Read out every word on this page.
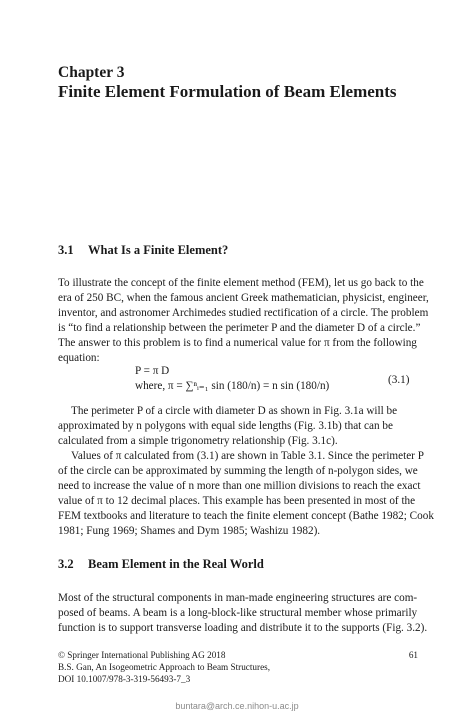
Chapter 3
Finite Element Formulation of Beam Elements
3.1 What Is a Finite Element?
To illustrate the concept of the finite element method (FEM), let us go back to the
era of 250 BC, when the famous ancient Greek mathematician, physicist, engineer,
inventor, and astronomer Archimedes studied rectification of a circle. The problem
is “to find a relationship between the perimeter P and the diameter D of a circle.”
The answer to this problem is to find a numerical value for π from the following
equation:
P = π D
where, π = ∑ⁿᵢ₌₁ sin (180/n) = n sin (180/n)	(3.1)
The perimeter P of a circle with diameter D as shown in Fig. 3.1a will be
approximated by n polygons with equal side lengths (Fig. 3.1b) that can be
calculated from a simple trigonometry relationship (Fig. 3.1c).
Values of π calculated from (3.1) are shown in Table 3.1. Since the perimeter P
of the circle can be approximated by summing the length of n-polygon sides, we
need to increase the value of n more than one million divisions to reach the exact
value of π to 12 decimal places. This example has been presented in most of the
FEM textbooks and literature to teach the finite element concept (Bathe 1982; Cook
1981; Fung 1969; Shames and Dym 1985; Washizu 1982).
3.2 Beam Element in the Real World
Most of the structural components in man-made engineering structures are com-
posed of beams. A beam is a long-block-like structural member whose primarily
function is to support transverse loading and distribute it to the supports (Fig. 3.2).
© Springer International Publishing AG 2018	61
B.S. Gan, An Isogeometric Approach to Beam Structures,
DOI 10.1007/978-3-319-56493-7_3
buntara@arch.ce.nihon-u.ac.jp
